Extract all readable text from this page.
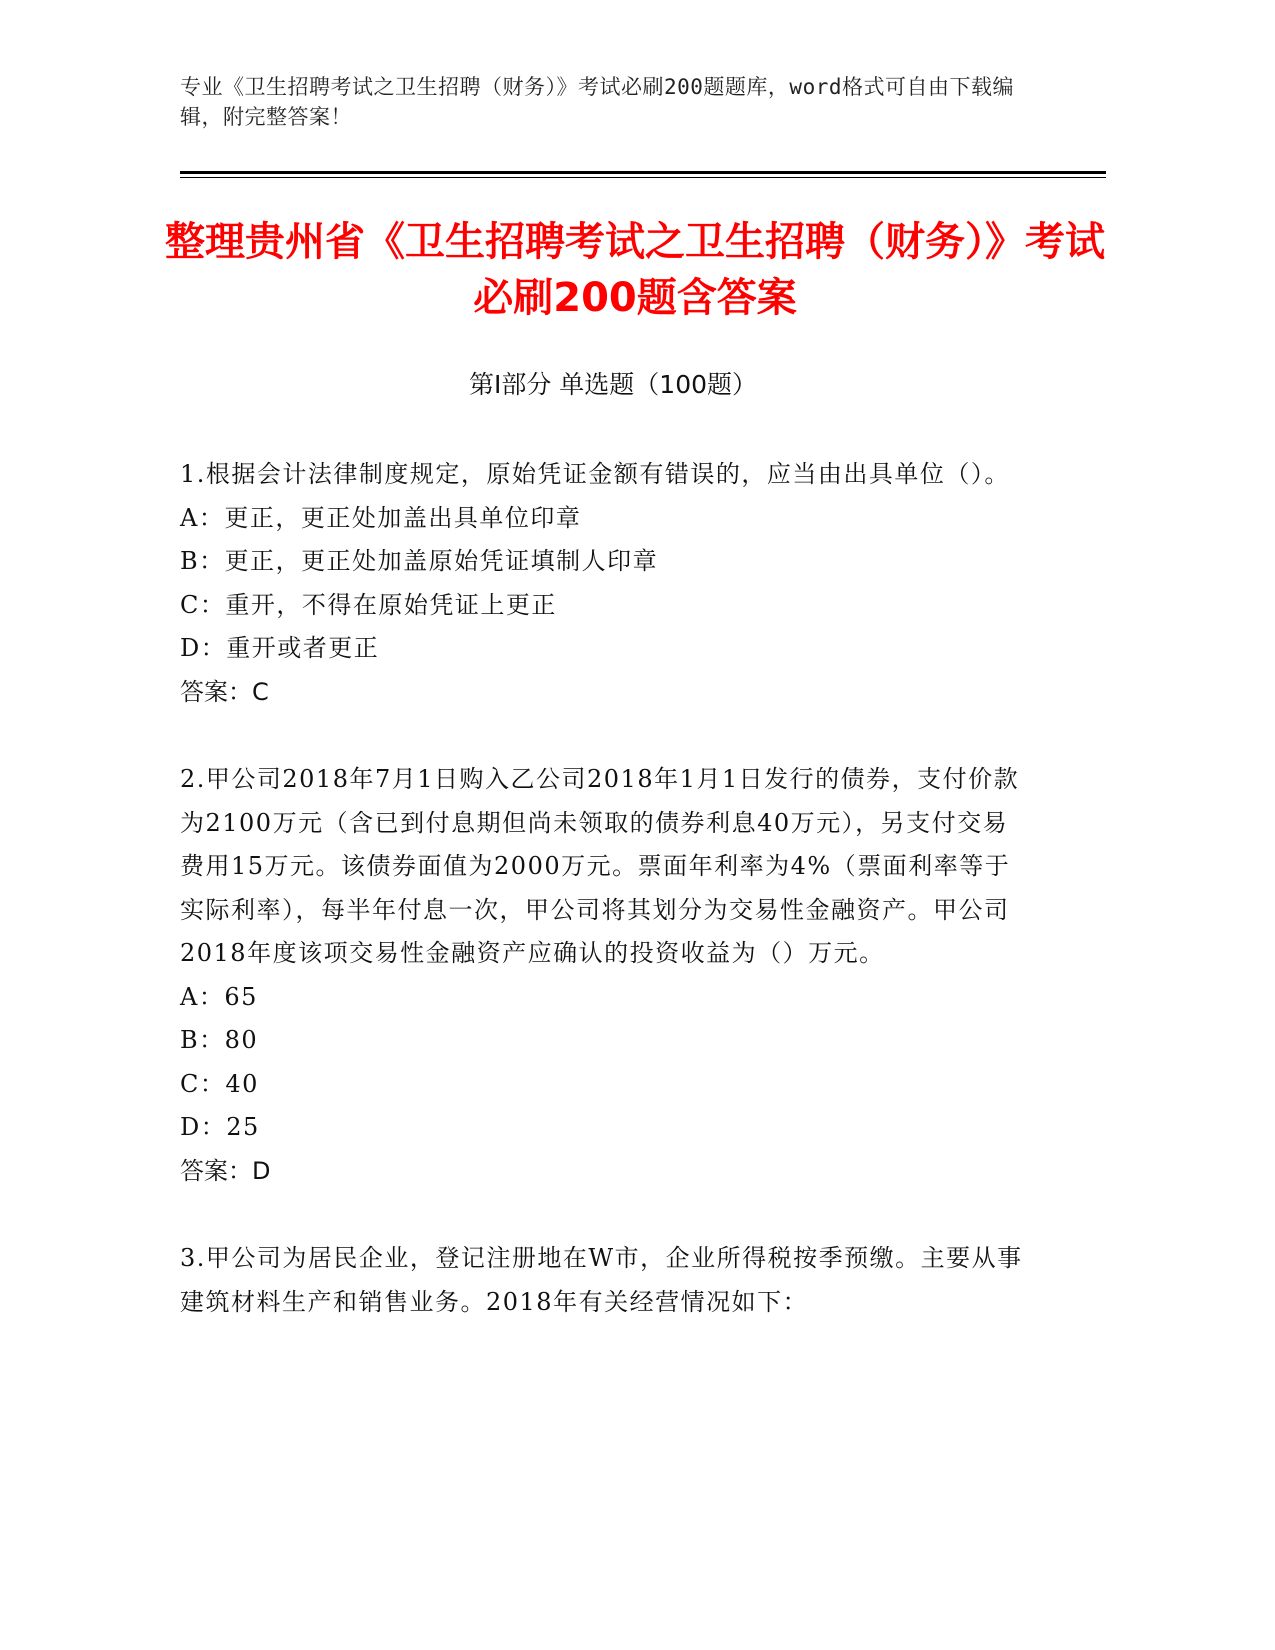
专业《卫生招聘考试之卫生招聘（财务）》考试必刷200题题库，word格式可自由下载编辑，附完整答案！
整理贵州省《卫生招聘考试之卫生招聘（财务）》考试必刷200题含答案
第Ⅰ部分 单选题（100题）

1.根据会计法律制度规定，原始凭证金额有错误的，应当由出具单位（）。

A：更正，更正处加盖出具单位印章

B：更正，更正处加盖原始凭证填制人印章

C：重开，不得在原始凭证上更正

D：重开或者更正

答案：C

2.甲公司2018年7月1日购入乙公司2018年1月1日发行的债券，支付价款为2100万元（含已到付息期但尚未领取的债券利息40万元），另支付交易费用15万元。该债券面值为2000万元。票面年利率为4%（票面利率等于实际利率），每半年付息一次，甲公司将其划分为交易性金融资产。甲公司2018年度该项交易性金融资产应确认的投资收益为（）万元。

A：65

B：80

C：40

D：25

答案：D

3.甲公司为居民企业，登记注册地在W市，企业所得税按季预缴。主要从事建筑材料生产和销售业务。2018年有关经营情况如下：
